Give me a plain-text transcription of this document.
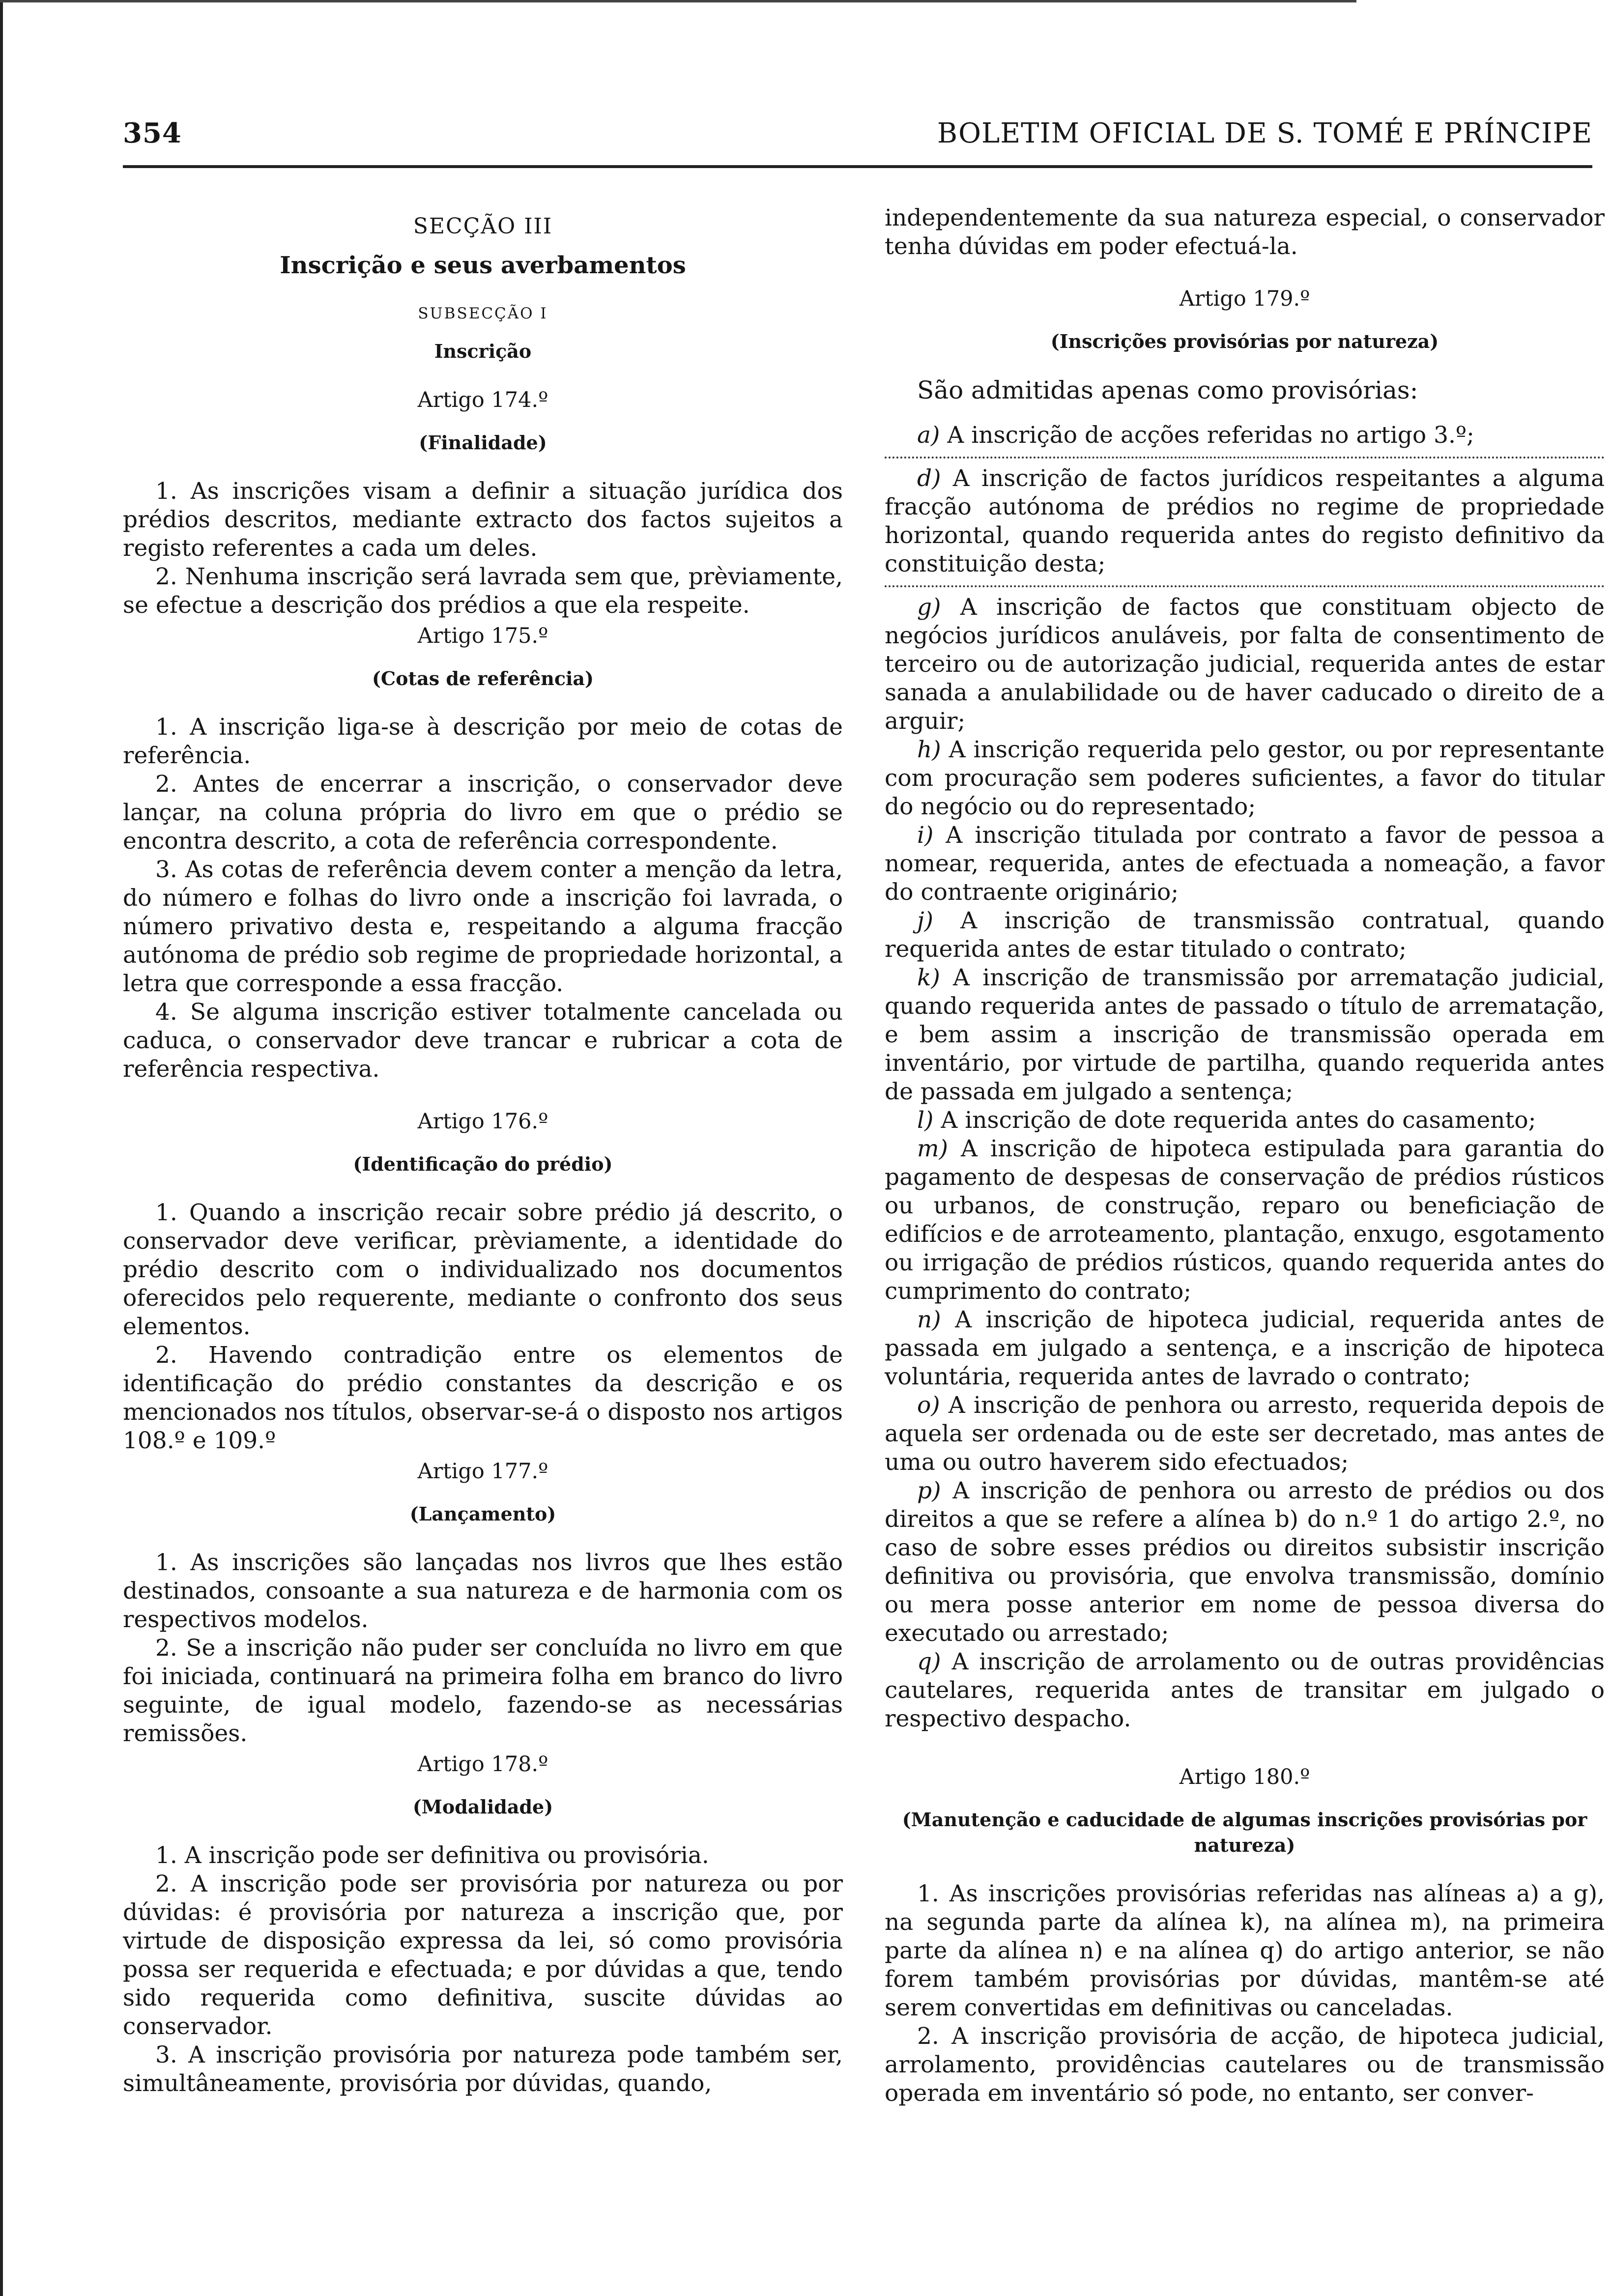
354	BOLETIM OFICIAL DE S. TOMÉ E PRÍNCIPE

SECÇÃO III

Inscrição e seus averbamentos

SUBSECÇÃO I

Inscrição

Artigo 174.º

(Finalidade)

1. As inscrições visam a definir a situação jurídica dos prédios descritos, mediante extracto dos factos sujeitos a registo referentes a cada um deles.

2. Nenhuma inscrição será lavrada sem que, prèviamente, se efectue a descrição dos prédios a que ela respeite.

Artigo 175.º

(Cotas de referência)

1. A inscrição liga-se à descrição por meio de cotas de referência.

2. Antes de encerrar a inscrição, o conservador deve lançar, na coluna própria do livro em que o prédio se encontra descrito, a cota de referência correspondente.

3. As cotas de referência devem conter a menção da letra, do número e folhas do livro onde a inscrição foi lavrada, o número privativo desta e, respeitando a alguma fracção autónoma de prédio sob regime de propriedade horizontal, a letra que corresponde a essa fracção.

4. Se alguma inscrição estiver totalmente cancelada ou caduca, o conservador deve trancar e rubricar a cota de referência respectiva.

Artigo 176.º

(Identificação do prédio)

1. Quando a inscrição recair sobre prédio já descrito, o conservador deve verificar, prèviamente, a identidade do prédio descrito com o individualizado nos documentos oferecidos pelo requerente, mediante o confronto dos seus elementos.

2. Havendo contradição entre os elementos de identificação do prédio constantes da descrição e os mencionados nos títulos, observar-se-á o disposto nos artigos 108.º e 109.º

Artigo 177.º

(Lançamento)

1. As inscrições são lançadas nos livros que lhes estão destinados, consoante a sua natureza e de harmonia com os respectivos modelos.

2. Se a inscrição não puder ser concluída no livro em que foi iniciada, continuará na primeira folha em branco do livro seguinte, de igual modelo, fazendo-se as necessárias remissões.

Artigo 178.º

(Modalidade)

1. A inscrição pode ser definitiva ou provisória.

2. A inscrição pode ser provisória por natureza ou por dúvidas: é provisória por natureza a inscrição que, por virtude de disposição expressa da lei, só como provisória possa ser requerida e efectuada; e por dúvidas a que, tendo sido requerida como definitiva, suscite dúvidas ao conservador.

3. A inscrição provisória por natureza pode também ser, simultâneamente, provisória por dúvidas, quando,

independentemente da sua natureza especial, o conservador tenha dúvidas em poder efectuá-la.

Artigo 179.º

(Inscrições provisórias por natureza)

São admitidas apenas como provisórias:

a) A inscrição de acções referidas no artigo 3.º;

d) A inscrição de factos jurídicos respeitantes a alguma fracção autónoma de prédios no regime de propriedade horizontal, quando requerida antes do registo definitivo da constituição desta;

g) A inscrição de factos que constituam objecto de negócios jurídicos anuláveis, por falta de consentimento de terceiro ou de autorização judicial, requerida antes de estar sanada a anulabilidade ou de haver caducado o direito de a arguir;

h) A inscrição requerida pelo gestor, ou por representante com procuração sem poderes suficientes, a favor do titular do negócio ou do representado;

i) A inscrição titulada por contrato a favor de pessoa a nomear, requerida, antes de efectuada a nomeação, a favor do contraente originário;

j) A inscrição de transmissão contratual, quando requerida antes de estar titulado o contrato;

k) A inscrição de transmissão por arrematação judicial, quando requerida antes de passado o título de arrematação, e bem assim a inscrição de transmissão operada em inventário, por virtude de partilha, quando requerida antes de passada em julgado a sentença;

l) A inscrição de dote requerida antes do casamento;

m) A inscrição de hipoteca estipulada para garantia do pagamento de despesas de conservação de prédios rústicos ou urbanos, de construção, reparo ou beneficiação de edifícios e de arroteamento, plantação, enxugo, esgotamento ou irrigação de prédios rústicos, quando requerida antes do cumprimento do contrato;

n) A inscrição de hipoteca judicial, requerida antes de passada em julgado a sentença, e a inscrição de hipoteca voluntária, requerida antes de lavrado o contrato;

o) A inscrição de penhora ou arresto, requerida depois de aquela ser ordenada ou de este ser decretado, mas antes de uma ou outro haverem sido efectuados;

p) A inscrição de penhora ou arresto de prédios ou dos direitos a que se refere a alínea b) do n.º 1 do artigo 2.º, no caso de sobre esses prédios ou direitos subsistir inscrição definitiva ou provisória, que envolva transmissão, domínio ou mera posse anterior em nome de pessoa diversa do executado ou arrestado;

q) A inscrição de arrolamento ou de outras providências cautelares, requerida antes de transitar em julgado o respectivo despacho.

Artigo 180.º

(Manutenção e caducidade de algumas inscrições provisórias por natureza)

1. As inscrições provisórias referidas nas alíneas a) a g), na segunda parte da alínea k), na alínea m), na primeira parte da alínea n) e na alínea q) do artigo anterior, se não forem também provisórias por dúvidas, mantêm-se até serem convertidas em definitivas ou canceladas.

2. A inscrição provisória de acção, de hipoteca judicial, arrolamento, providências cautelares ou de transmissão operada em inventário só pode, no entanto, ser conver-
